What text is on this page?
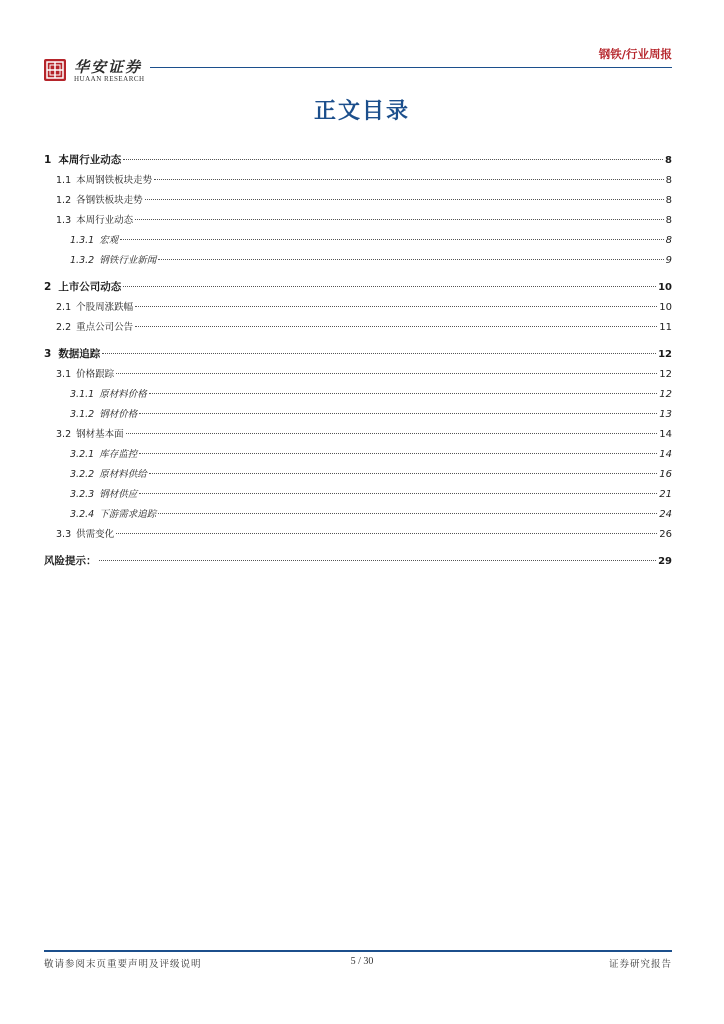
华安证券
HUAAN RESEARCH
钢铁/行业周报
正文目录
1 本周行业动态	8
1.1 本周钢铁板块走势	8
1.2 各钢铁板块走势	8
1.3 本周行业动态	8
1.3.1 宏观	8
1.3.2 钢铁行业新闻	9
2 上市公司动态	10
2.1 个股周涨跌幅	10
2.2 重点公司公告	11
3 数据追踪	12
3.1 价格跟踪	12
3.1.1 原材料价格	12
3.1.2 钢材价格	13
3.2 钢材基本面	14
3.2.1 库存监控	14
3.2.2 原材料供给	16
3.2.3 钢材供应	21
3.2.4 下游需求追踪	24
3.3 供需变化	26
风险提示：	29
敬请参阅末页重要声明及评级说明	5 / 30	证券研究报告
